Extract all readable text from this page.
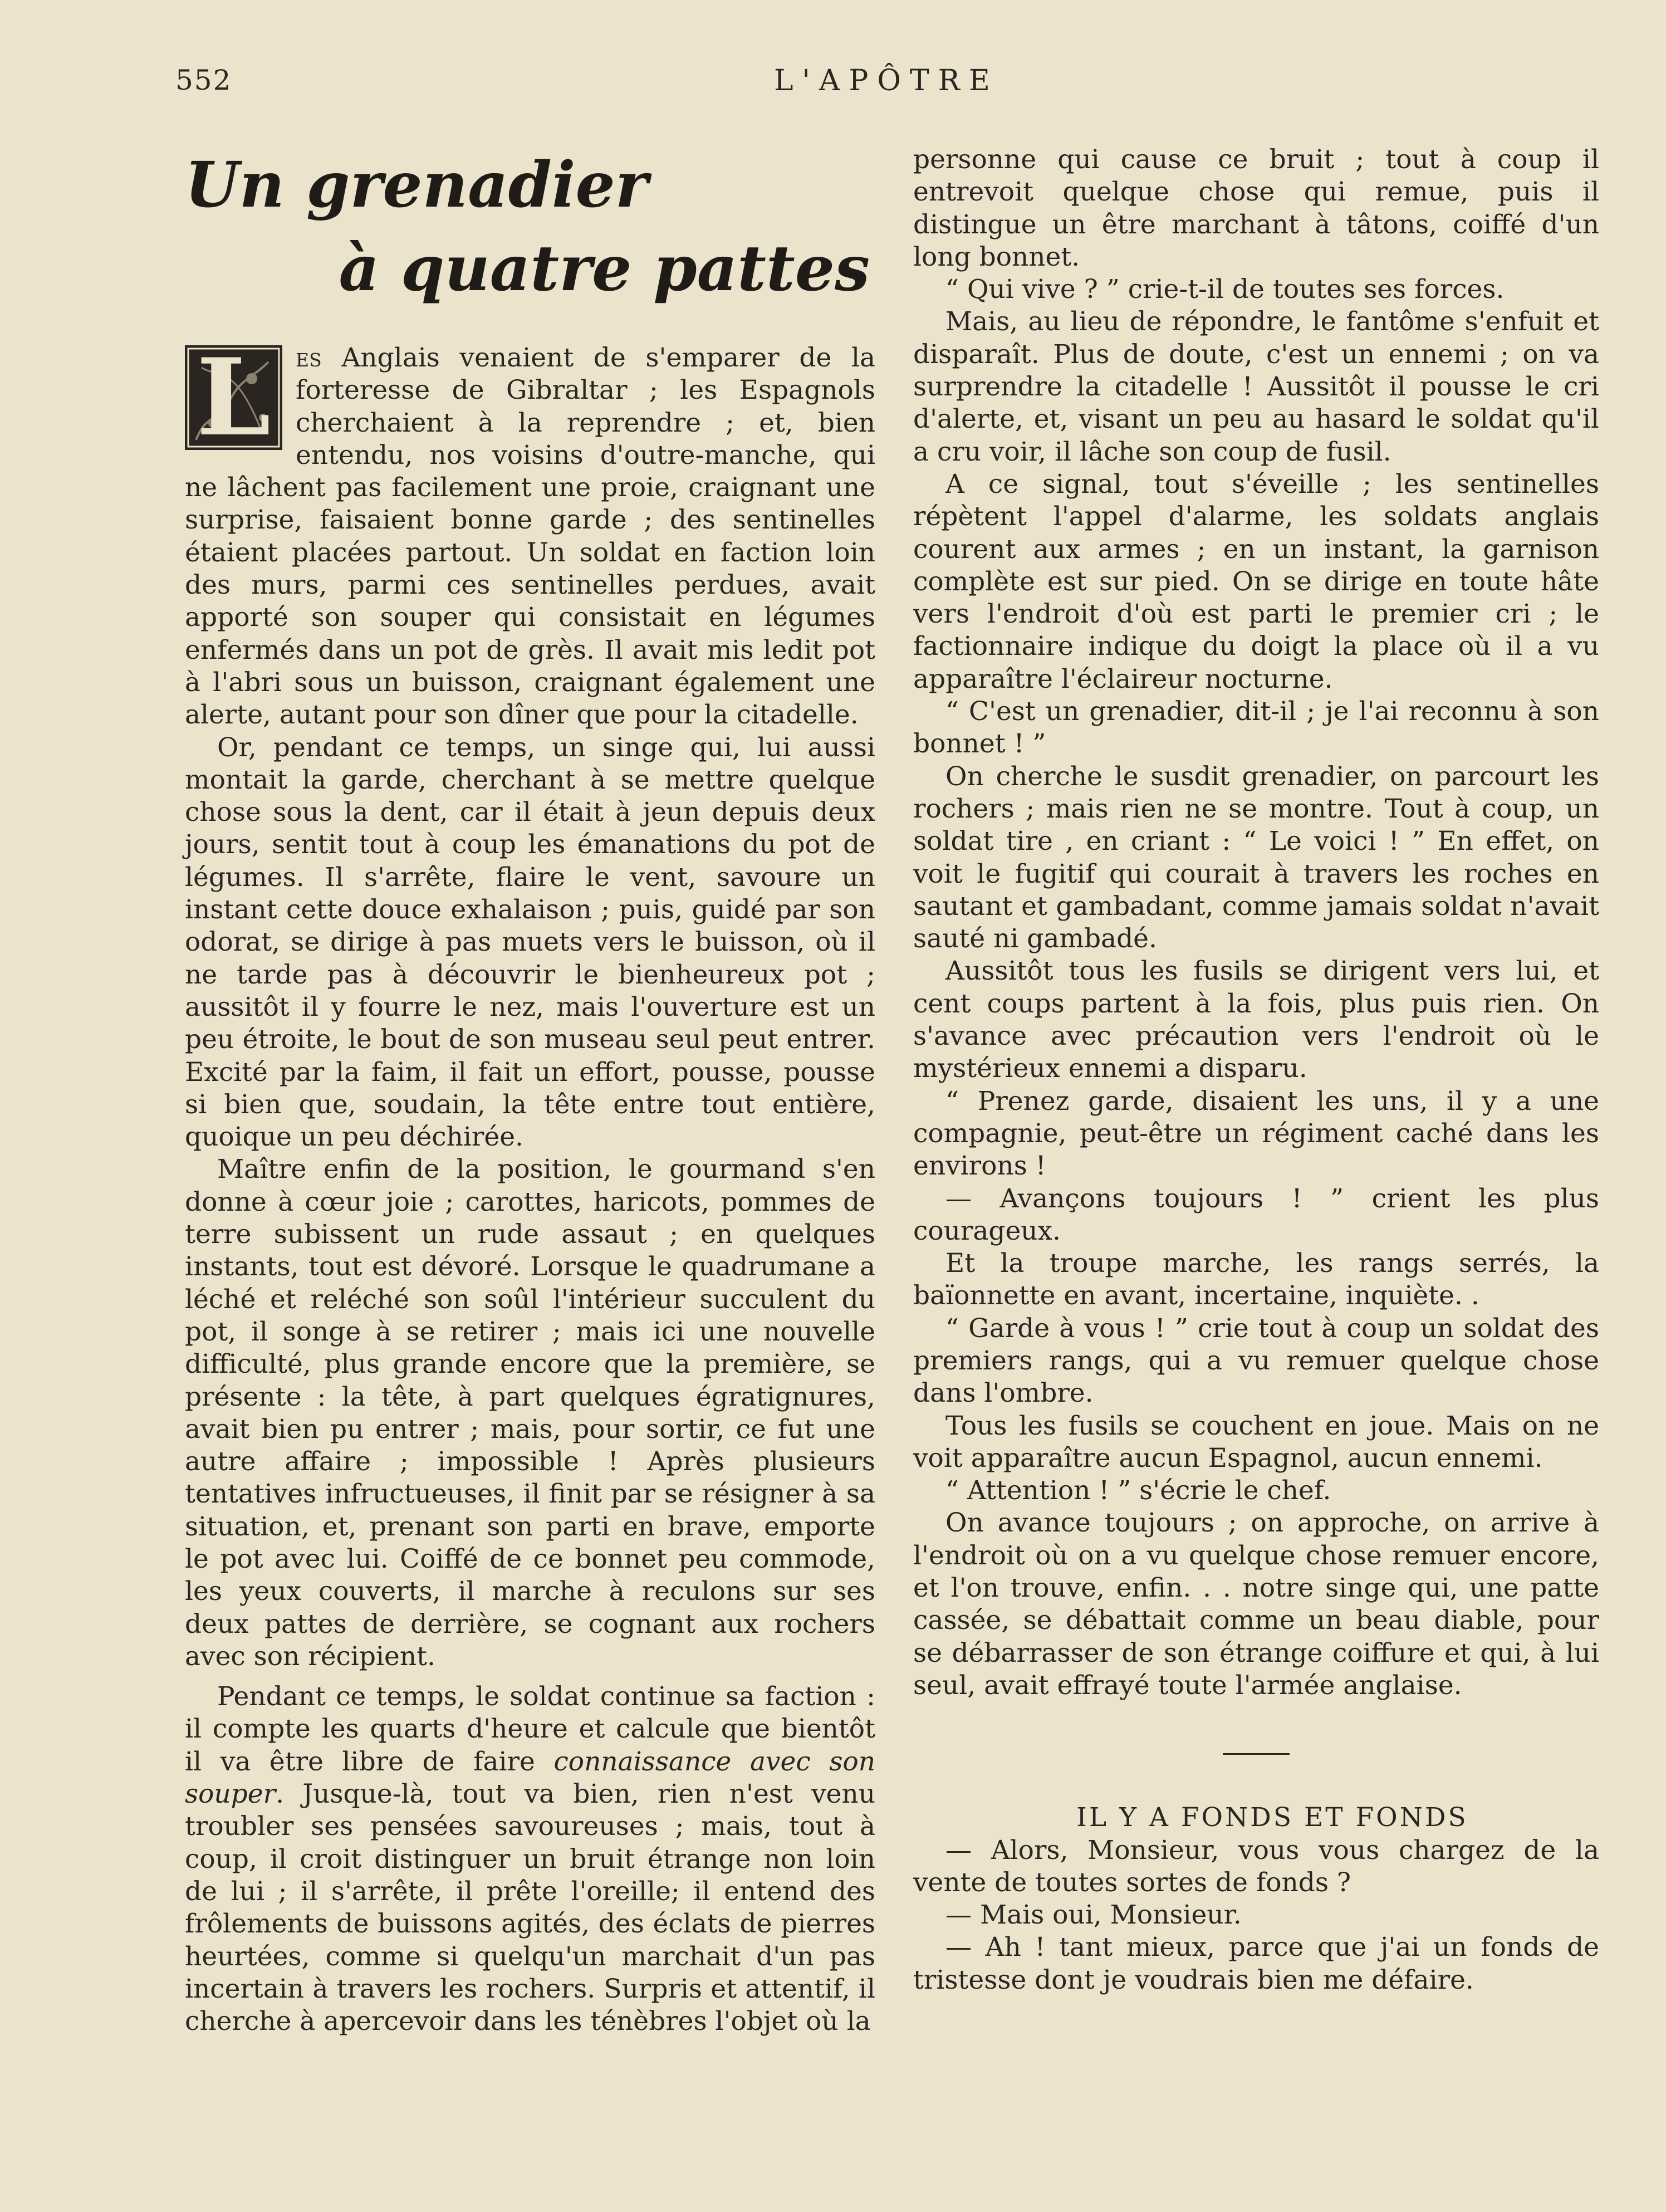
552	L'APÔTRE
Un grenadier
à quatre pattes

L es Anglais venaient de s'emparer de la forteresse de Gibraltar ; les Espagnols cherchaient à la reprendre ; et, bien entendu, nos voisins d'outre-manche, qui ne lâchent pas facilement une proie, craignant une surprise, faisaient bonne garde ; des sentinelles étaient placées partout. Un soldat en faction loin des murs, parmi ces sentinelles perdues, avait apporté son souper qui consistait en légumes enfermés dans un pot de grès. Il avait mis ledit pot à l'abri sous un buisson, craignant également une alerte, autant pour son dîner que pour la citadelle.

Or, pendant ce temps, un singe qui, lui aussi montait la garde, cherchant à se mettre quelque chose sous la dent, car il était à jeun depuis deux jours, sentit tout à coup les émanations du pot de légumes. Il s'arrête, flaire le vent, savoure un instant cette douce exhalaison ; puis, guidé par son odorat, se dirige à pas muets vers le buisson, où il ne tarde pas à découvrir le bienheureux pot ; aussitôt il y fourre le nez, mais l'ouverture est un peu étroite, le bout de son museau seul peut entrer. Excité par la faim, il fait un effort, pousse, pousse si bien que, soudain, la tête entre tout entière, quoique un peu déchirée.

Maître enfin de la position, le gourmand s'en donne à cœur joie ; carottes, haricots, pommes de terre subissent un rude assaut ; en quelques instants, tout est dévoré. Lorsque le quadrumane a léché et reléché son soûl l'intérieur succulent du pot, il songe à se retirer ; mais ici une nouvelle difficulté, plus grande encore que la première, se présente : la tête, à part quelques égratignures, avait bien pu entrer ; mais, pour sortir, ce fut une autre affaire ; impossible ! Après plusieurs tentatives infructueuses, il finit par se résigner à sa situation, et, prenant son parti en brave, emporte le pot avec lui. Coiffé de ce bonnet peu commode, les yeux couverts, il marche à reculons sur ses deux pattes de derrière, se cognant aux rochers avec son récipient.

Pendant ce temps, le soldat continue sa faction : il compte les quarts d'heure et calcule que bientôt il va être libre de faire connaissance avec son souper. Jusque-là, tout va bien, rien n'est venu troubler ses pensées savoureuses ; mais, tout à coup, il croit distinguer un bruit étrange non loin de lui ; il s'arrête, il prête l'oreille; il entend des frôlements de buissons agités, des éclats de pierres heurtées, comme si quelqu'un marchait d'un pas incertain à travers les rochers. Surpris et attentif, il cherche à apercevoir dans les ténèbres l'objet où la

personne qui cause ce bruit ; tout à coup il entrevoit quelque chose qui remue, puis il distingue un être marchant à tâtons, coiffé d'un long bonnet.

“ Qui vive ? ” crie-t-il de toutes ses forces.

Mais, au lieu de répondre, le fantôme s'enfuit et disparaît. Plus de doute, c'est un ennemi ; on va surprendre la citadelle ! Aussitôt il pousse le cri d'alerte, et, visant un peu au hasard le soldat qu'il a cru voir, il lâche son coup de fusil.

A ce signal, tout s'éveille ; les sentinelles répètent l'appel d'alarme, les soldats anglais courent aux armes ; en un instant, la garnison complète est sur pied. On se dirige en toute hâte vers l'endroit d'où est parti le premier cri ; le factionnaire indique du doigt la place où il a vu apparaître l'éclaireur nocturne.

“ C'est un grenadier, dit-il ; je l'ai reconnu à son bonnet ! ”

On cherche le susdit grenadier, on parcourt les rochers ; mais rien ne se montre. Tout à coup, un soldat tire , en criant : “ Le voici ! ” En effet, on voit le fugitif qui courait à travers les roches en sautant et gambadant, comme jamais soldat n'avait sauté ni gambadé.

Aussitôt tous les fusils se dirigent vers lui, et cent coups partent à la fois, plus puis rien. On s'avance avec précaution vers l'endroit où le mystérieux ennemi a disparu.

“ Prenez garde, disaient les uns, il y a une compagnie, peut-être un régiment caché dans les environs !

— Avançons toujours ! ” crient les plus courageux.

Et la troupe marche, les rangs serrés, la baïonnette en avant, incertaine, inquiète. .

“ Garde à vous ! ” crie tout à coup un soldat des premiers rangs, qui a vu remuer quelque chose dans l'ombre.

Tous les fusils se couchent en joue. Mais on ne voit apparaître aucun Espagnol, aucun ennemi.

“ Attention ! ” s'écrie le chef.

On avance toujours ; on approche, on arrive à l'endroit où on a vu quelque chose remuer encore, et l'on trouve, enfin. . . notre singe qui, une patte cassée, se débattait comme un beau diable, pour se débarrasser de son étrange coiffure et qui, à lui seul, avait effrayé toute l'armée anglaise.

IL Y A FONDS ET FONDS

— Alors, Monsieur, vous vous chargez de la vente de toutes sortes de fonds ?

— Mais oui, Monsieur.

— Ah ! tant mieux, parce que j'ai un fonds de tristesse dont je voudrais bien me défaire.
